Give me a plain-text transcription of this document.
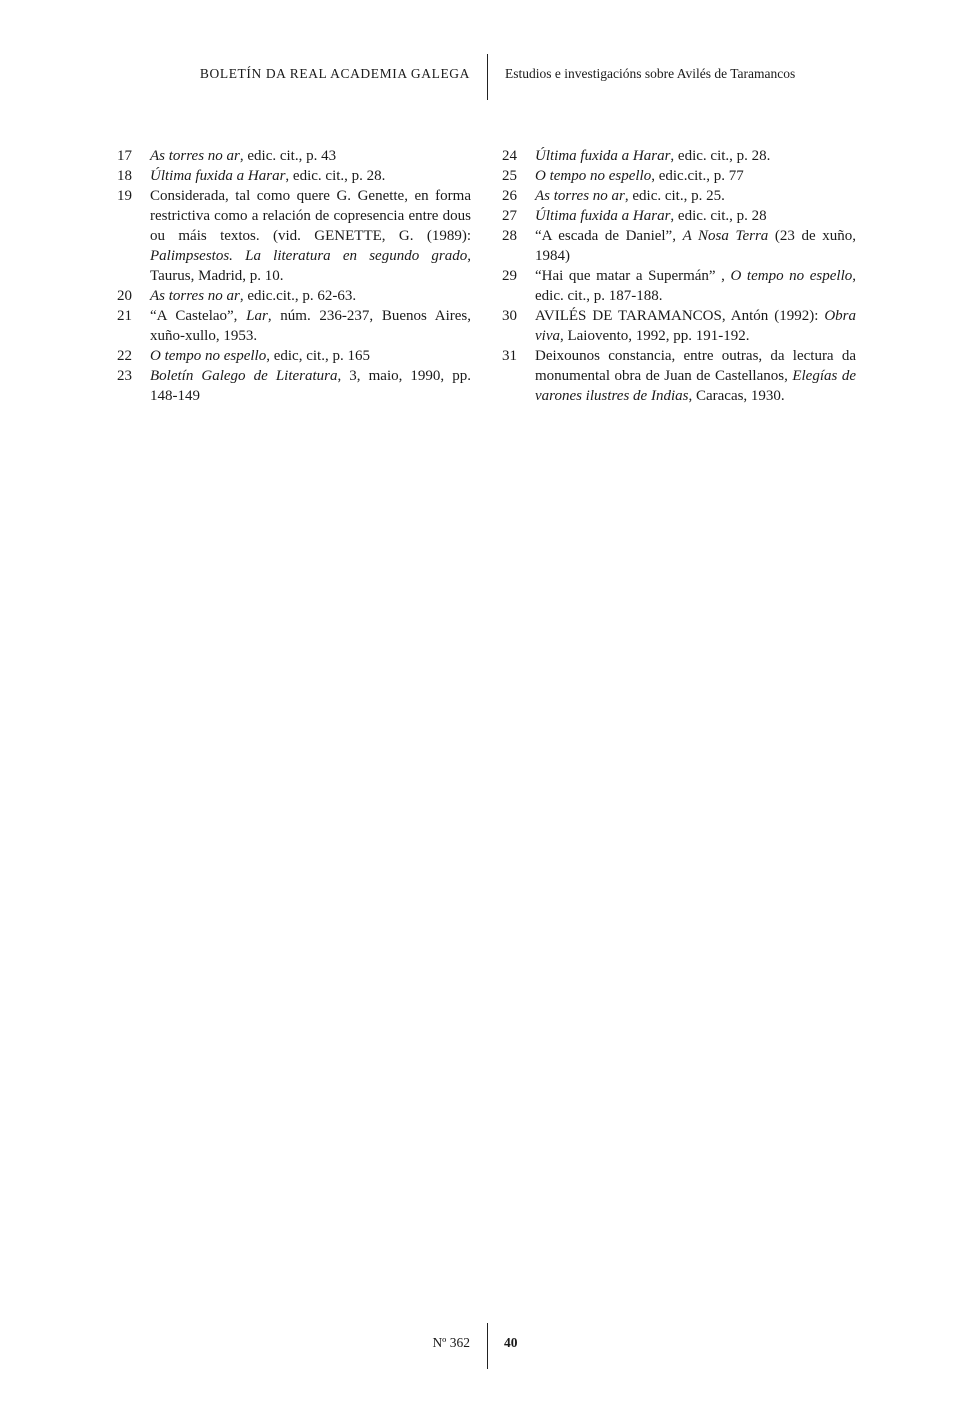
BOLETÍN DA REAL ACADEMIA GALEGA	Estudios e investigacións sobre Avilés de Taramancos
17	As torres no ar, edic. cit., p. 43
18	Última fuxida a Harar, edic. cit., p. 28.
19	Considerada, tal como quere G. Genette, en forma restrictiva como a relación de copresencia entre dous ou máis textos. (vid. GENETTE, G. (1989): Palimpsestos. La literatura en segundo grado, Taurus, Madrid, p. 10.
20	As torres no ar, edic.cit., p. 62-63.
21	“A Castelao”, Lar, núm. 236-237, Buenos Aires, xuño-xullo, 1953.
22	O tempo no espello, edic, cit., p. 165
23	Boletín Galego de Literatura, 3, maio, 1990, pp. 148-149
24	Última fuxida a Harar, edic. cit., p. 28.
25	O tempo no espello, edic.cit., p. 77
26	As torres no ar, edic. cit., p. 25.
27	Última fuxida a Harar, edic. cit., p. 28
28	“A escada de Daniel”, A Nosa Terra (23 de xuño, 1984)
29	“Hai que matar a Supermán” , O tempo no espello, edic. cit., p. 187-188.
30	AVILÉS DE TARAMANCOS, Antón (1992): Obra viva, Laiovento, 1992, pp. 191-192.
31	Deixounos constancia, entre outras, da lectura da monumental obra de Juan de Castellanos, Elegías de varones ilustres de Indias, Caracas, 1930.
Nº 362	40
